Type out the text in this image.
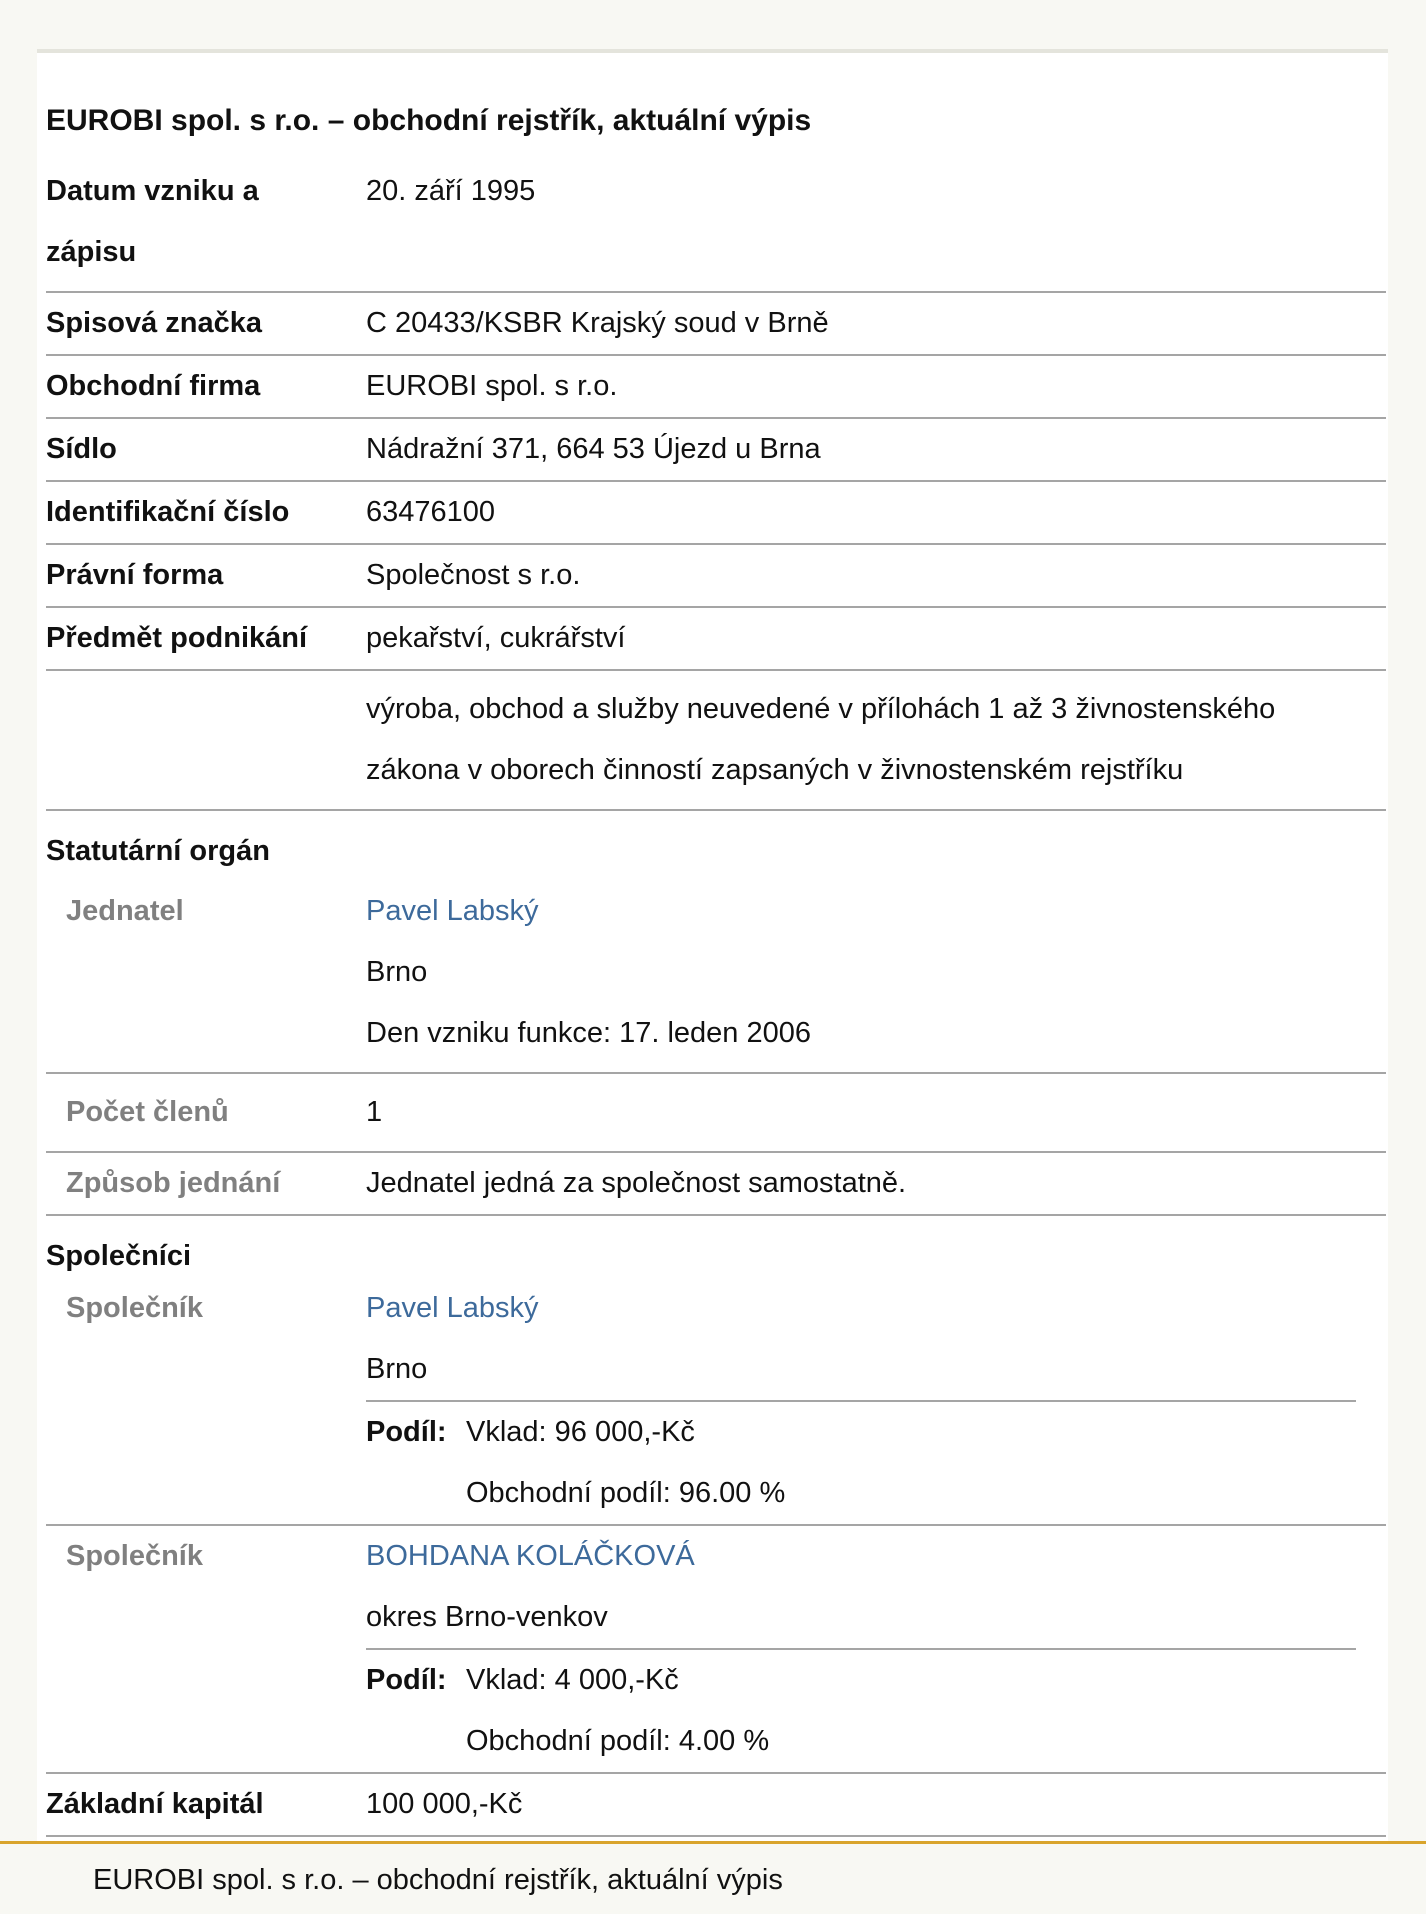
EUROBI spol. s r.o. – obchodní rejstřík, aktuální výpis
Datum vzniku a zápisu	20. září 1995
Spisová značka	C 20433/KSBR Krajský soud v Brně
Obchodní firma	EUROBI spol. s r.o.
Sídlo	Nádražní 371, 664 53 Újezd u Brna
Identifikační číslo	63476100
Právní forma	Společnost s r.o.
Předmět podnikání	pekařství, cukrářství
	výroba, obchod a služby neuvedené v přílohách 1 až 3 živnostenského zákona v oborech činností zapsaných v živnostenském rejstříku
Statutární orgán	
Jednatel	Pavel Labský
Brno
Den vzniku funkce: 17. leden 2006

Počet členů	1
Způsob jednání	Jednatel jedná za společnost samostatně.
Společníci	
Společník	Pavel Labský
Brno
Podíl: Vklad: 96 000,-Kč
Obchodní podíl: 96.00 %

Společník	BOHDANA KOLÁČKOVÁ
okres Brno-venkov
Podíl: Vklad: 4 000,-Kč
Obchodní podíl: 4.00 %

Základní kapitál	100 000,-Kč
EUROBI spol. s r.o. – obchodní rejstřík, aktuální výpis
